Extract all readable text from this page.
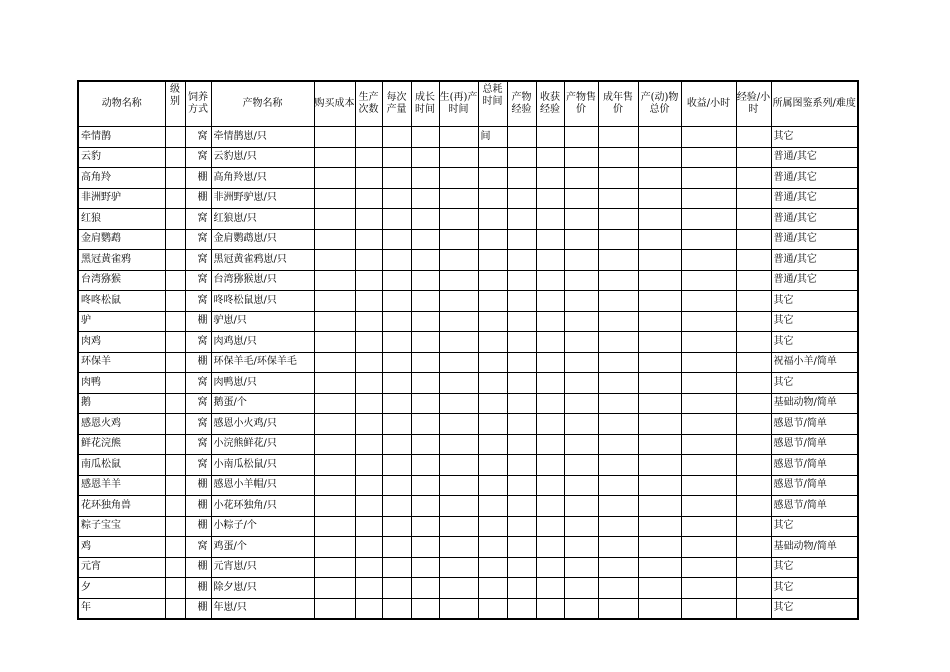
动物名称	级别	饲养方式	产物名称	购买成本	生产次数	每次产量	成长时间	生(再)产时间	总耗时间	产物经验	收获经验	产物售价	成年售价	产(动)物总价	收益/小时	经验/小时	所属图鉴系列/难度
牵情鹊		窝	牵情鹊崽/只						间								其它
云豹		窝	云豹崽/只														普通/其它
高角羚		棚	高角羚崽/只														普通/其它
非洲野驴		棚	非洲野驴崽/只														普通/其它
红狼		窝	红狼崽/只														普通/其它
金肩鹦鹉		窝	金肩鹦鹉崽/只														普通/其它
黑冠黄雀鸦		窝	黑冠黄雀鸦崽/只														普通/其它
台湾猕猴		窝	台湾猕猴崽/只														普通/其它
咚咚松鼠		窝	咚咚松鼠崽/只														其它
驴		棚	驴崽/只														其它
肉鸡		窝	肉鸡崽/只														其它
环保羊		棚	环保羊毛/环保羊毛														祝福小羊/简单
肉鸭		窝	肉鸭崽/只														其它
鹅		窝	鹅蛋/个														基础动物/简单
感恩火鸡		窝	感恩小火鸡/只														感恩节/简单
鲜花浣熊		窝	小浣熊鲜花/只														感恩节/简单
南瓜松鼠		窝	小南瓜松鼠/只														感恩节/简单
感恩羊羊		棚	感恩小羊帽/只														感恩节/简单
花环独角兽		棚	小花环独角/只														感恩节/简单
粽子宝宝		棚	小粽子/个														其它
鸡		窝	鸡蛋/个														基础动物/简单
元宵		棚	元宵崽/只														其它
夕		棚	除夕崽/只														其它
年		棚	年崽/只														其它
